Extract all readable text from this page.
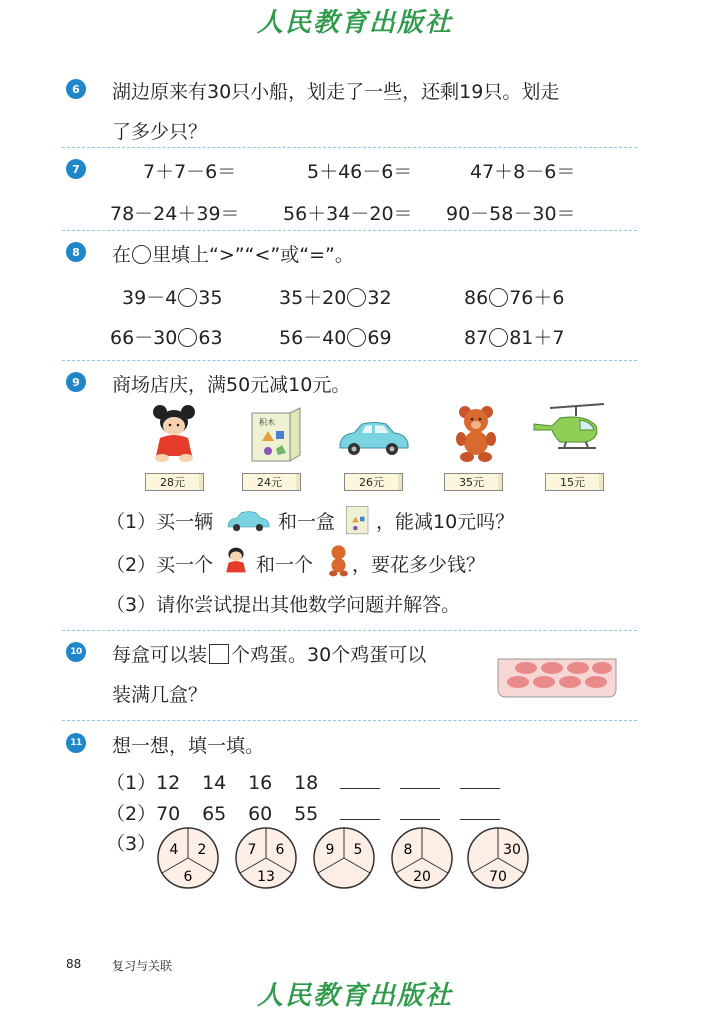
人民教育出版社
6	湖边原来有30只小船，划走了一些，还剩19只。划走
了多少只？
7	7＋7－6＝	5＋46－6＝	47＋8－6＝
78－24＋39＝ 56＋34－20＝ 90－58－30＝
8	在 里填上“>”“<”或“=”。
39－4 35	35＋20 32	86 76＋6
66－30 63	56－40 69	87 81＋7
9	商场店庆，满50元减10元。
积木
28元	24元	26元	35元	15元
（1）买一辆	和一盒 ，能减10元吗？
（2）买一个 和一个 ，要花多少钱？
（3）请你尝试提出其他数学问题并解答。
10 每盒可以装 个鸡蛋。30个鸡蛋可以
装满几盒？
11 想一想，填一填。
（1）12 14 16 18
（2）70 65 60 55
（3） 4 2
6
7 6
13
9 5	8
20
30
70
88	复习与关联
人民教育出版社
